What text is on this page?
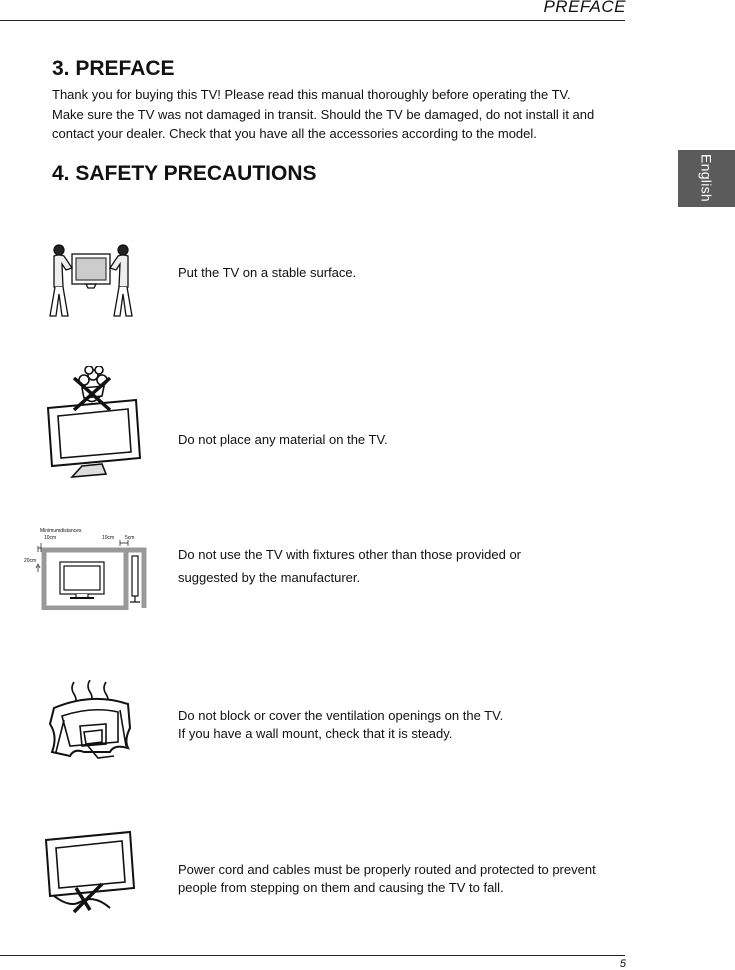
PREFACE
English
3. PREFACE
Thank you for buying this TV! Please read this manual thoroughly before operating the TV.
Make sure the TV was not damaged in transit. Should the TV be damaged, do not install it and
contact your dealer. Check that you have all the accessories according to the model.
4. SAFETY PRECAUTIONS
Put the TV on a stable surface.
Do not place any material on the TV.
Minimumdistances
10cm	10cm 5cm
20cm	Do not use the TV with fixtures other than those provided or
suggested by the manufacturer.
Do not block or cover the ventilation openings on the TV.
If you have a wall mount, check that it is steady.
Power cord and cables must be properly routed and protected to prevent
people from stepping on them and causing the TV to fall.
5
